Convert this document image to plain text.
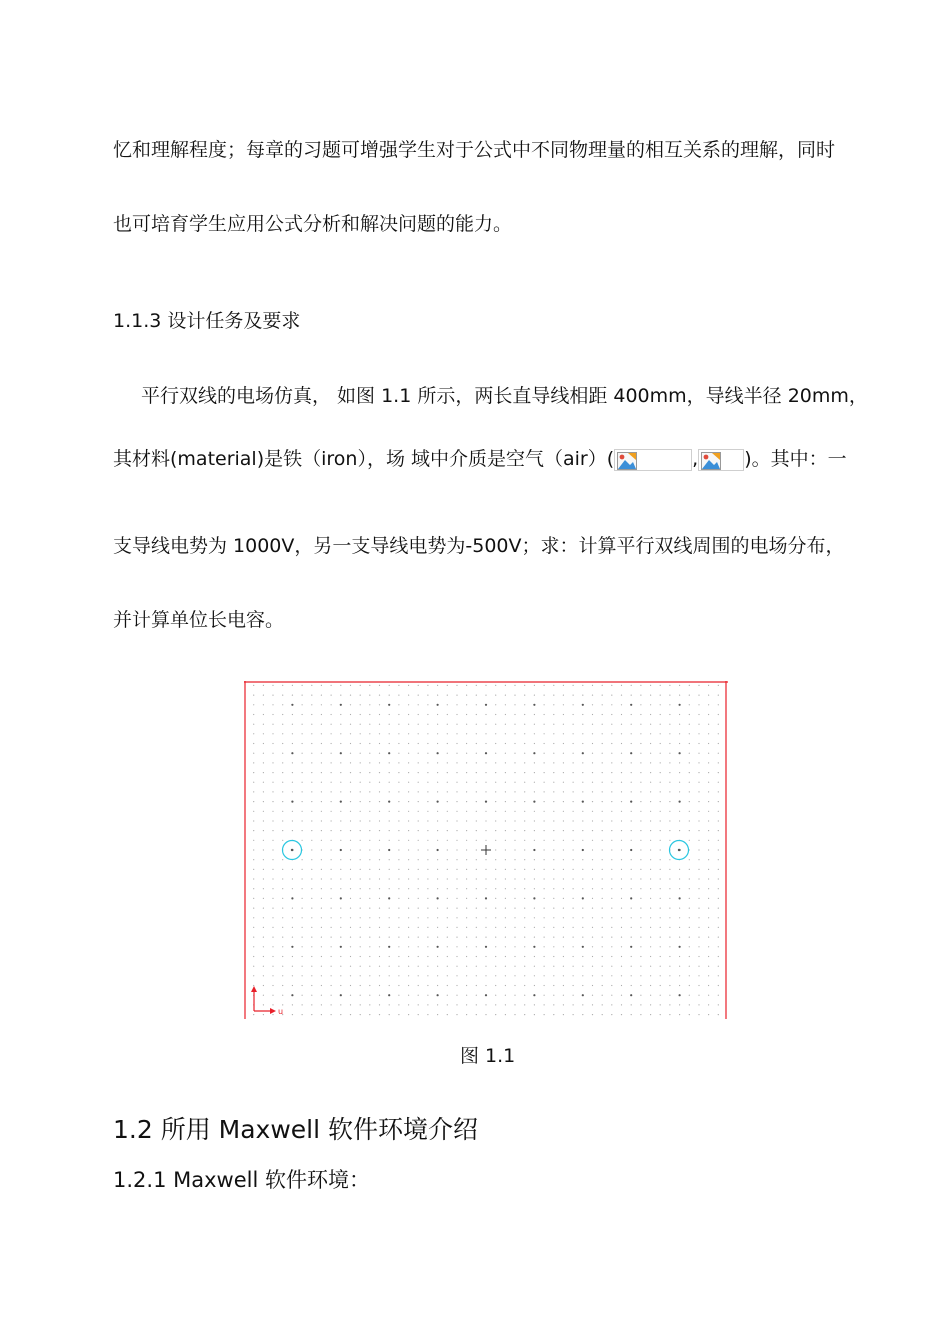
忆和理解程度；每章的习题可增强学生对于公式中不同物理量的相互关系的理解，同时
也可培育学生应用公式分析和解决问题的能力。
1.1.3 设计任务及要求
平行双线的电场仿真， 如图 1.1 所示，两长直导线相距 400mm，导线半径 20mm，
其材料(material)是铁（iron），场 域中介质是空气（air）(	, )。其中：一
支导线电势为 1000V，另一支导线电势为-500V；求：计算平行双线周围的电场分布，
并计算单位长电容。
u
图 1.1
1.2 所用 Maxwell 软件环境介绍
1.2.1 Maxwell 软件环境：
